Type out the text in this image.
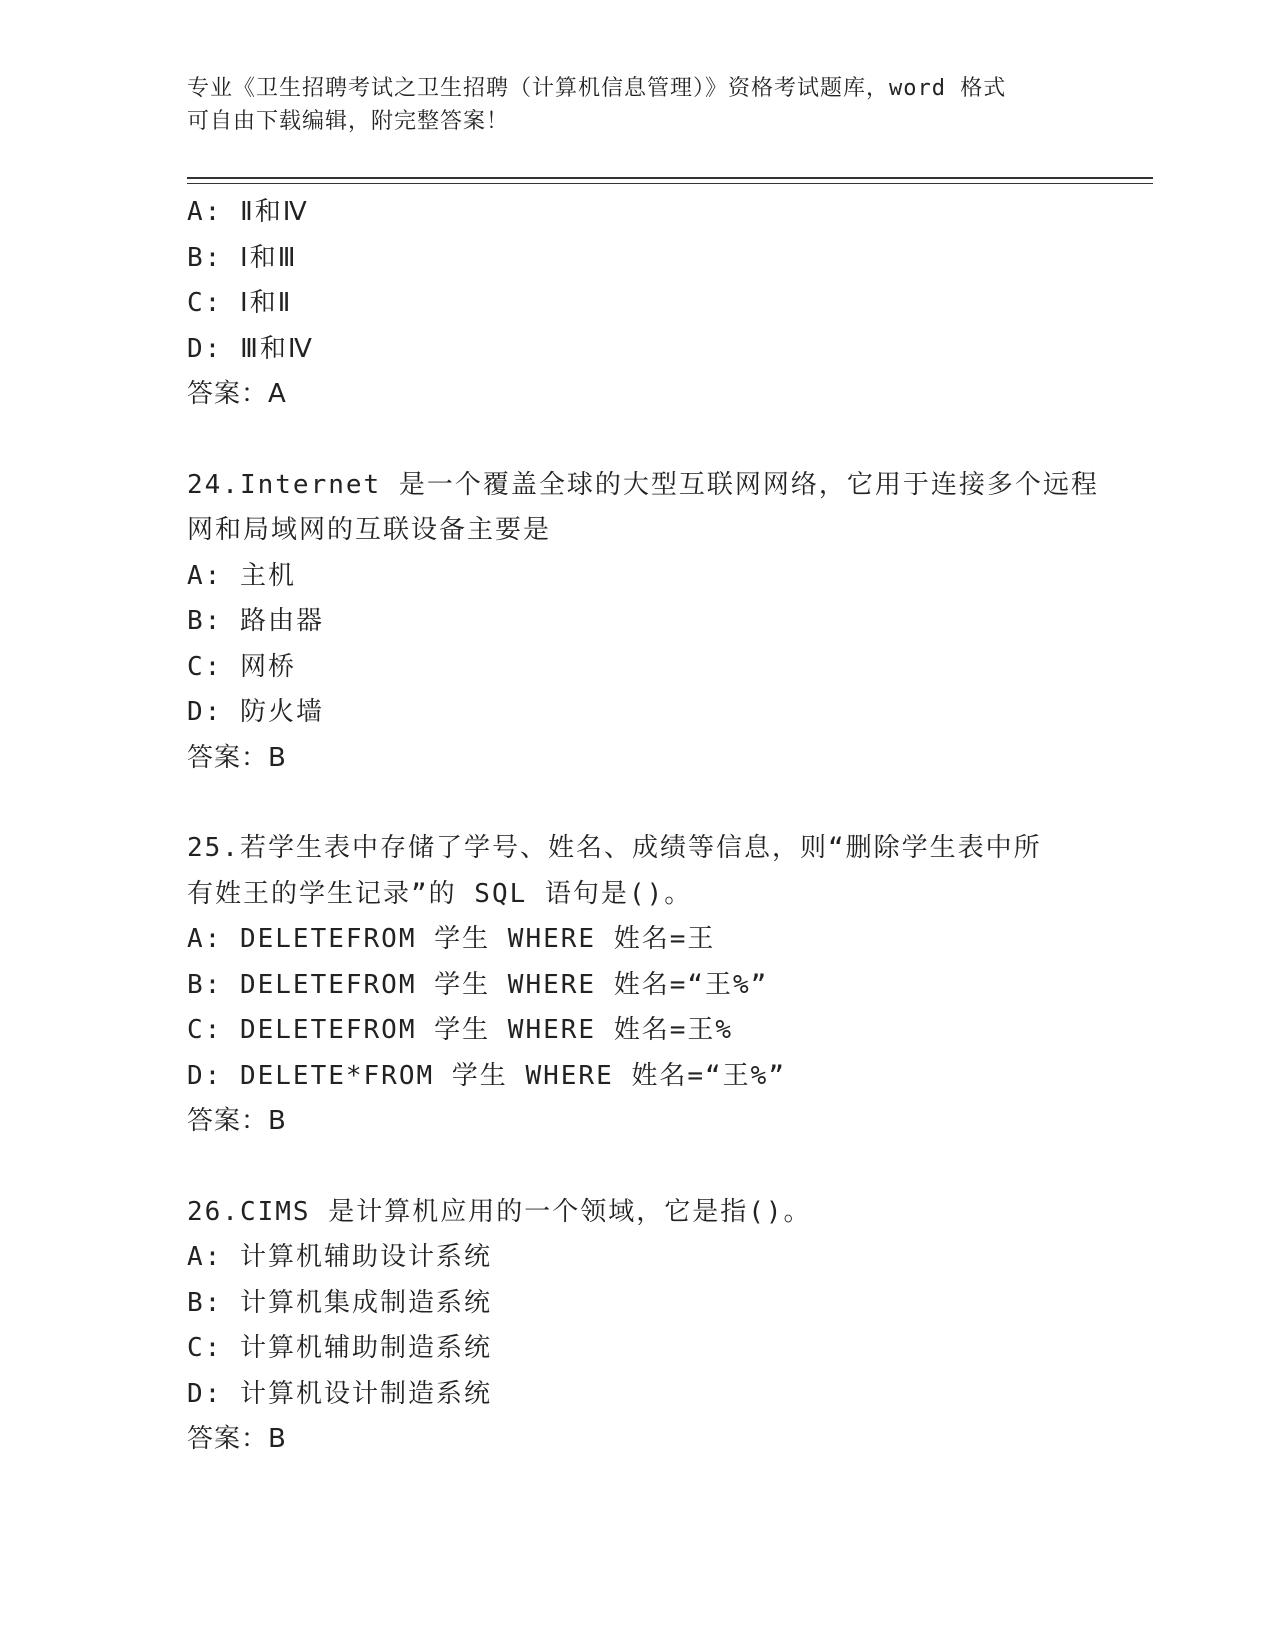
专业《卫生招聘考试之卫生招聘（计算机信息管理）》资格考试题库，word 格式
可自由下载编辑，附完整答案！
A: Ⅱ和Ⅳ
B: Ⅰ和Ⅲ
C: Ⅰ和Ⅱ
D: Ⅲ和Ⅳ
答案：A
24.Internet 是一个覆盖全球的大型互联网网络，它用于连接多个远程
网和局域网的互联设备主要是
A: 主机
B: 路由器
C: 网桥
D: 防火墙
答案：B
25.若学生表中存储了学号、姓名、成绩等信息，则“删除学生表中所
有姓王的学生记录”的 SQL 语句是()。
A: DELETEFROM 学生 WHERE 姓名=王
B: DELETEFROM 学生 WHERE 姓名=“王%”
C: DELETEFROM 学生 WHERE 姓名=王%
D: DELETE*FROM 学生 WHERE 姓名=“王%”
答案：B
26.CIMS 是计算机应用的一个领域，它是指()。
A: 计算机辅助设计系统
B: 计算机集成制造系统
C: 计算机辅助制造系统
D: 计算机设计制造系统
答案：B
